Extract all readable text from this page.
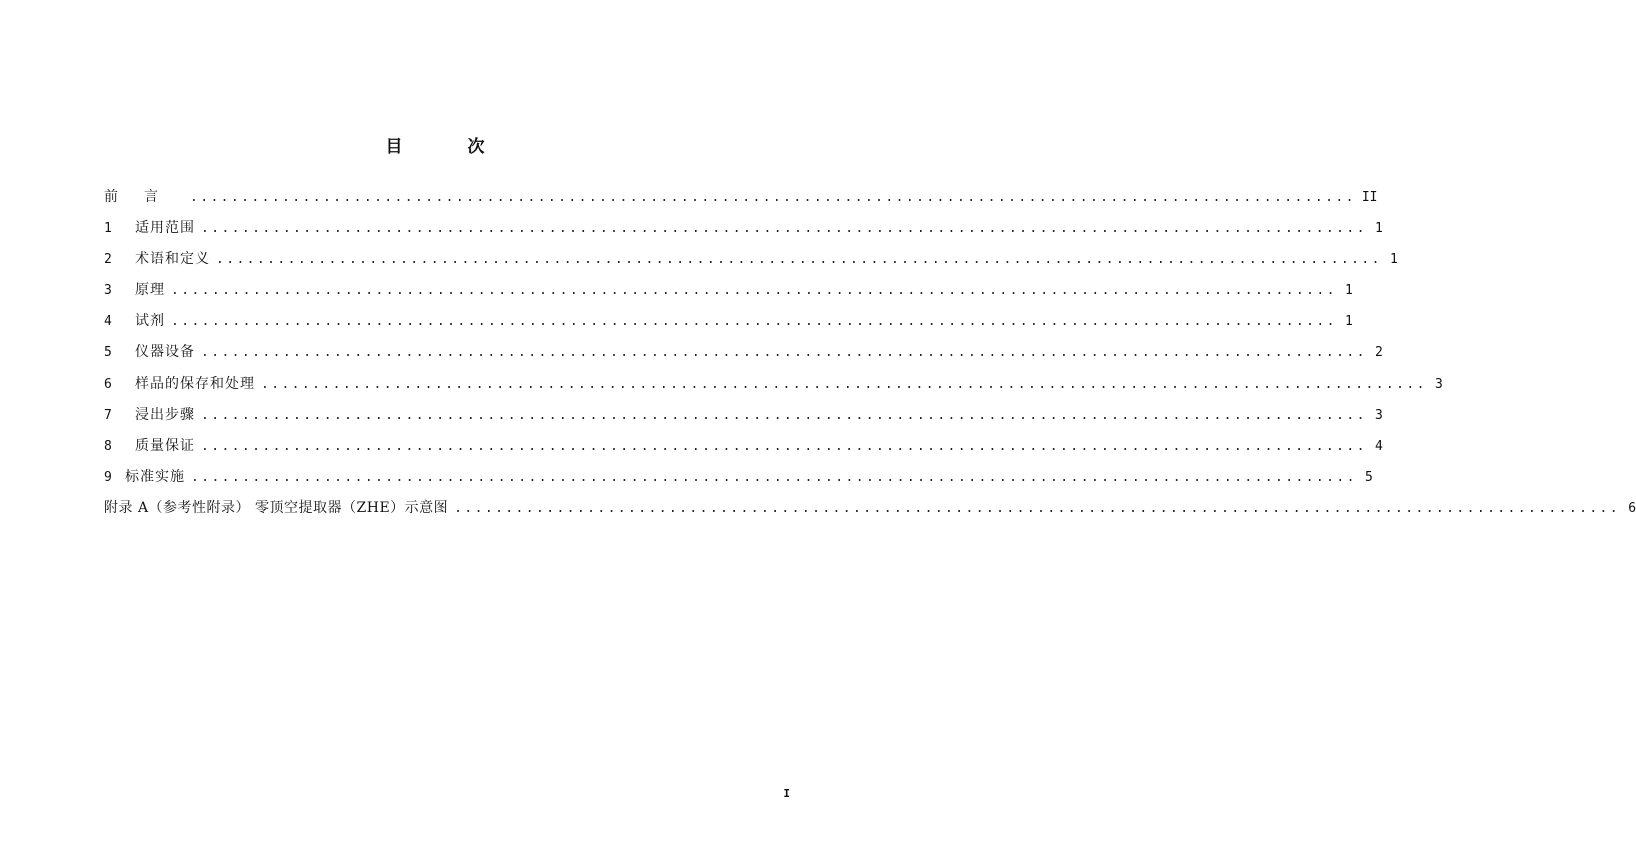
目　次
前言 .................................................................................................................. II
1	适用范围 .................................................................................................................. 1
2	术语和定义 .................................................................................................................. 1
3	原理 .................................................................................................................. 1
4	试剂 .................................................................................................................. 1
5	仪器设备 .................................................................................................................. 2
6	样品的保存和处理 .................................................................................................................. 3
7	浸出步骤 .................................................................................................................. 3
8	质量保证 .................................................................................................................. 4
9 标准实施 .................................................................................................................. 5
附录 A（参考性附录） 零顶空提取器（ZHE）示意图 .................................................................................................................. 6
I
